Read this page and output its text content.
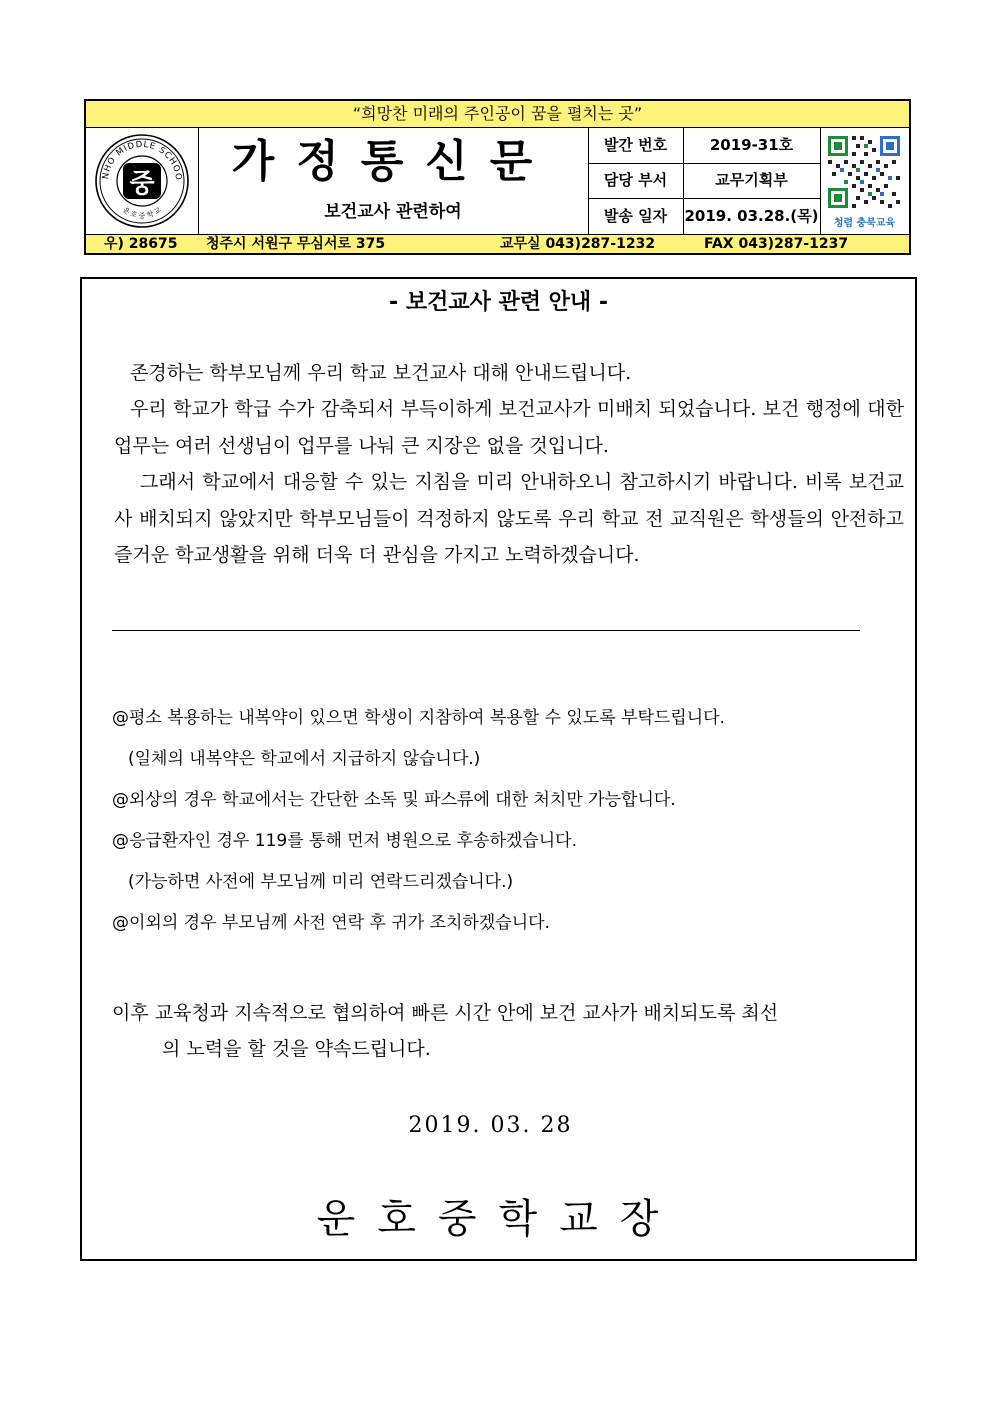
“희망찬 미래의 주인공이 꿈을 펼치는 곳”
NHO MIDDLE SCHOO
운 호 중 학 교
중	가정통신문
보건교사 관련하여
발간 번호	2019-31호
담당 부서	교무기획부
발송 일자	2019. 03.28.(목) 청렴 충북교육
우) 28675 청주시 서원구 무심서로 375	교무실 043)287-1232	FAX 043)287-1237
- 보건교사 관련 안내 -
존경하는 학부모님께 우리 학교 보건교사 대해 안내드립니다.
우리 학교가 학급 수가 감축되서 부득이하게 보건교사가 미배치 되었습니다. 보건 행정에 대한 업무는 여러 선생님이 업무를 나눠 큰 지장은 없을 것입니다.
그래서 학교에서 대응할 수 있는 지침을 미리 안내하오니 참고하시기 바랍니다. 비록 보건교사 배치되지 않았지만 학부모님들이 걱정하지 않도록 우리 학교 전 교직원은 학생들의 안전하고 즐거운 학교생활을 위해 더욱 더 관심을 가지고 노력하겠습니다.
@평소 복용하는 내복약이 있으면 학생이 지참하여 복용할 수 있도록 부탁드립니다.
(일체의 내복약은 학교에서 지급하지 않습니다.)
@외상의 경우 학교에서는 간단한 소독 및 파스류에 대한 처치만 가능합니다.
@응급환자인 경우 119를 통해 먼저 병원으로 후송하겠습니다.
(가능하면 사전에 부모님께 미리 연락드리겠습니다.)
@이외의 경우 부모님께 사전 연락 후 귀가 조치하겠습니다.
이후 교육청과 지속적으로 협의하여 빠른 시간 안에 보건 교사가 배치되도록 최선
의 노력을 할 것을 약속드립니다.
2019. 03. 28
운호중학교장
